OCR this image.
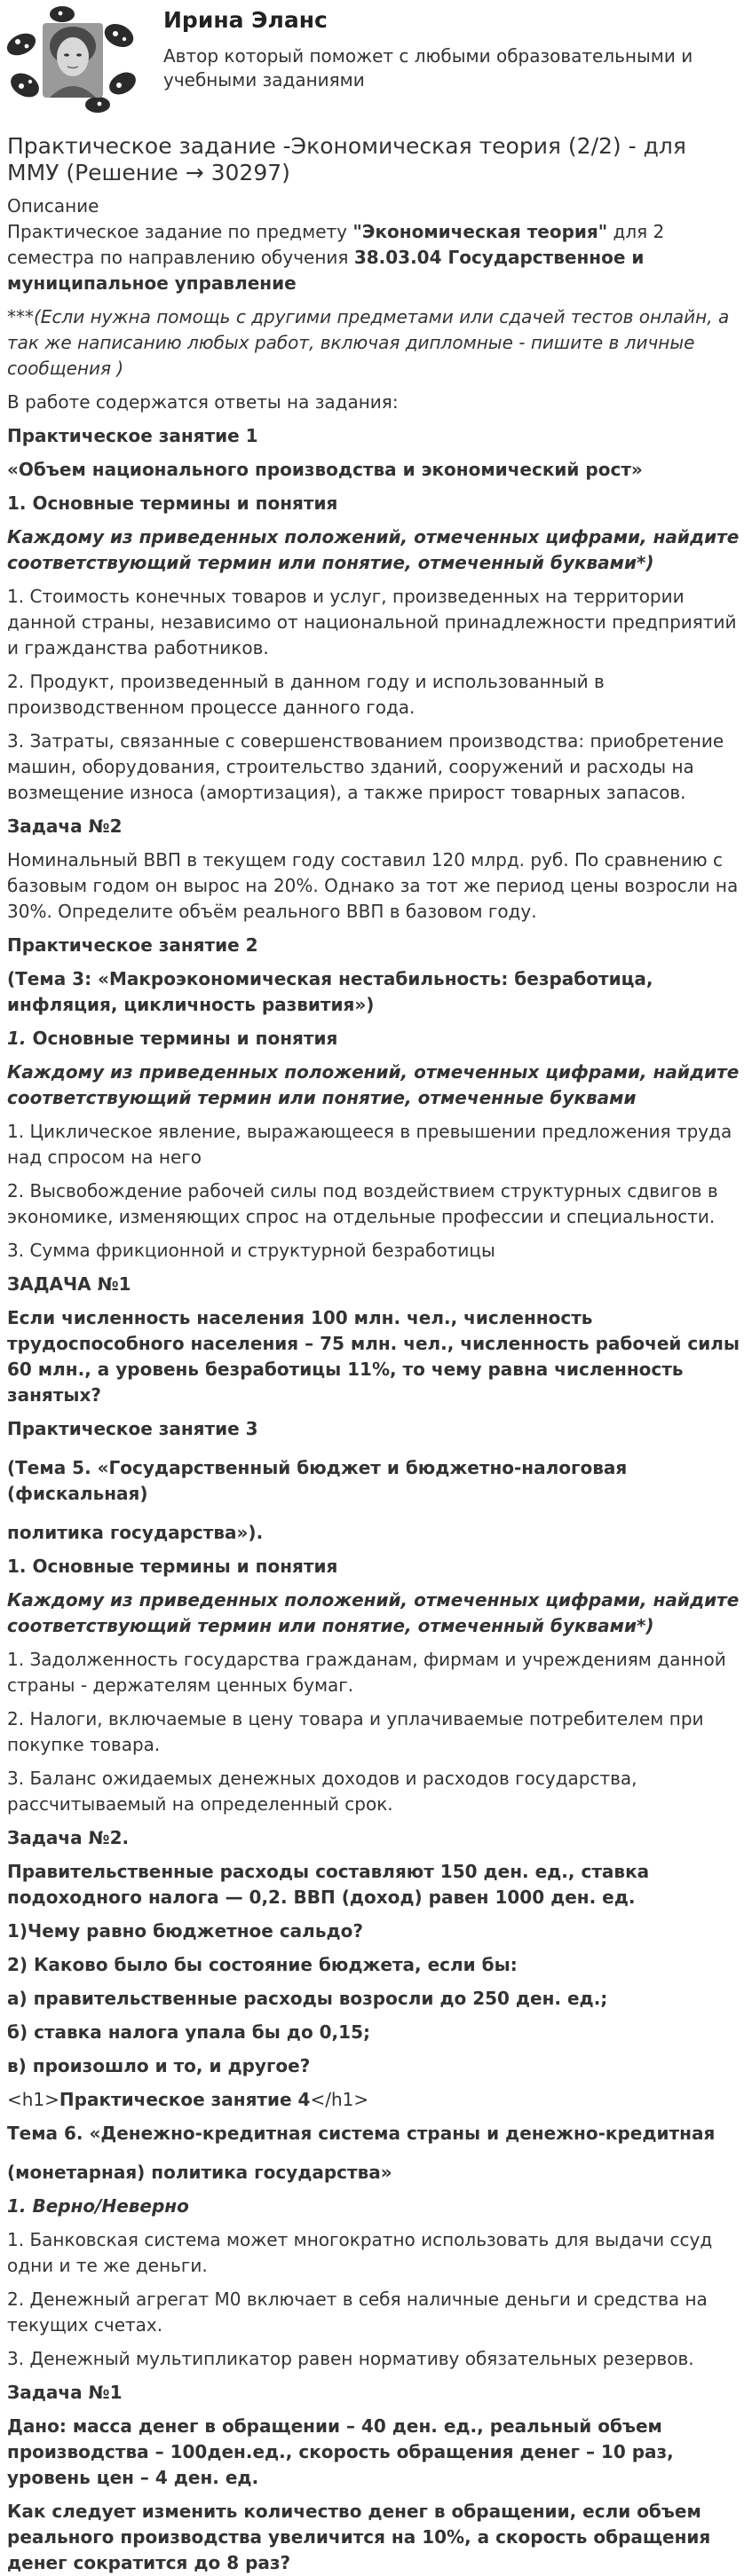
Ирина Эланс
Автор который поможет с любыми образовательными и учебными заданиями
Практическое задание -Экономическая теория (2/2) - для ММУ (Решение → 30297)
Описание
Практическое задание по предмету "Экономическая теория" для 2 семестра по направлению обучения 38.03.04 Государственное и муниципальное управление
***(Если нужна помощь с другими предметами или сдачей тестов онлайн, а так же написанию любых работ, включая дипломные - пишите в личные сообщения )
В работе содержатся ответы на задания:
Практическое занятие 1
«Объем национального производства и экономический рост»
1. Основные термины и понятия
Каждому из приведенных положений, отмеченных цифрами, найдите соответствующий термин или понятие, отмеченный буквами*)
1. Стоимость конечных товаров и услуг, произведенных на территории данной страны, независимо от национальной принадлежности предприятий и гражданства работников.
2. Продукт, произведенный в данном году и использованный в производственном процессе данного года.
3. Затраты, связанные с совершенствованием производства: приобретение машин, оборудования, строительство зданий, сооружений и расходы на возмещение износа (амортизация), а также прирост товарных запасов.
Задача №2
Номинальный ВВП в текущем году составил 120 млрд. руб. По сравнению с базовым годом он вырос на 20%. Однако за тот же период цены возросли на 30%. Определите объём реального ВВП в базовом году.
Практическое занятие 2
(Тема 3: «Макроэкономическая нестабильность: безработица, инфляция, цикличность развития»)
1. Основные термины и понятия
Каждому из приведенных положений, отмеченных цифрами, найдите соответствующий термин или понятие, отмеченные буквами
1. Циклическое явление, выражающееся в превышении предложения труда над спросом на него
2. Высвобождение рабочей силы под воздействием структурных сдвигов в экономике, изменяющих спрос на отдельные профессии и специальности.
3. Сумма фрикционной и структурной безработицы
ЗАДАЧА №1
Если численность населения 100 млн. чел., численность трудоспособного населения – 75 млн. чел., численность рабочей силы 60 млн., а уровень безработицы 11%, то чему равна численность занятых?
Практическое занятие 3
(Тема 5. «Государственный бюджет и бюджетно-налоговая (фискальная)
политика государства»).
1. Основные термины и понятия
Каждому из приведенных положений, отмеченных цифрами, найдите соответствующий термин или понятие, отмеченный буквами*)
1. Задолженность государства гражданам, фирмам и учреждениям данной страны - держателям ценных бумаг.
2. Налоги, включаемые в цену товара и уплачиваемые потребителем при покупке товара.
3. Баланс ожидаемых денежных доходов и расходов государства, рассчитываемый на определенный срок.
Задача №2.
Правительственные расходы составляют 150 ден. ед., ставка подоходного налога — 0,2. ВВП (доход) равен 1000 ден. ед.
1)Чему равно бюджетное сальдо?
2) Каково было бы состояние бюджета, если бы:
а) правительственные расходы возросли до 250 ден. ед.;
б) ставка налога упала бы до 0,15;
в) произошло и то, и другое?
<h1>Практическое занятие 4</h1>
Тема 6. «Денежно-кредитная система страны и денежно-кредитная
(монетарная) политика государства»
1. Верно/Неверно
1. Банковская система может многократно использовать для выдачи ссуд одни и те же деньги.
2. Денежный агрегат М0 включает в себя наличные деньги и средства на текущих счетах.
3. Денежный мультипликатор равен нормативу обязательных резервов.
Задача №1
Дано: масса денег в обращении – 40 ден. ед., реальный объем производства – 100ден.ед., скорость обращения денег – 10 раз, уровень цен – 4 ден. ед.
Как следует изменить количество денег в обращении, если объем реального производства увеличится на 10%, а скорость обращения денег сократится до 8 раз?
